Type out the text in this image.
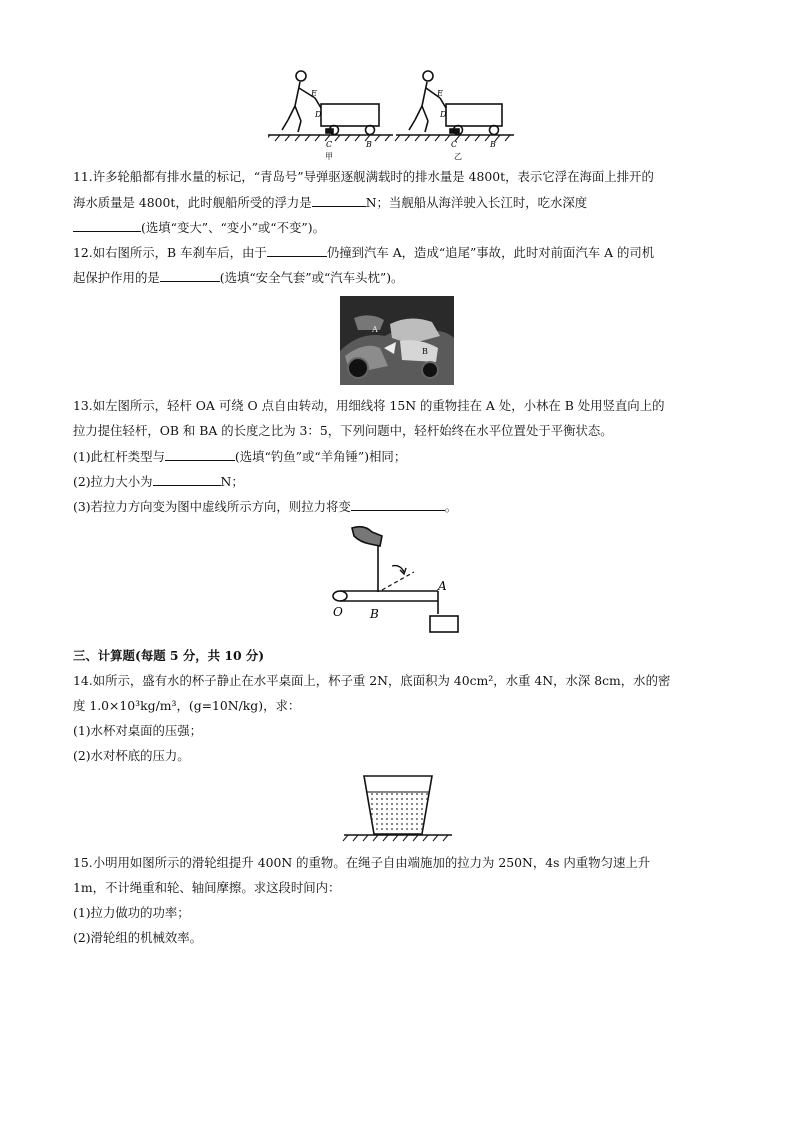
E
D
C	B
甲
E
D
C	B
乙
11.许多轮船都有排水量的标记，“青岛号”导弹驱逐舰满载时的排水量是 4800t，表示它浮在海面上排开的
海水质量是 4800t，此时舰船所受的浮力是	N；当舰船从海洋驶入长江时，吃水深度
(选填“变大”、“变小”或“不变”)。
12.如右图所示，B 车刹车后，由于	仍撞到汽车 A，造成“追尾”事故，此时对前面汽车 A 的司机
起保护作用的是	(选填“安全气套”或“汽车头枕”)。
A
B
13.如左图所示，轻杆 OA 可绕 O 点自由转动，用细线将 15N 的重物挂在 A 处，小林在 B 处用竖直向上的
拉力提住轻杆，OB 和 BA 的长度之比为 3：5，下列问题中，轻杆始终在水平位置处于平衡状态。
(1)此杠杆类型与	(选填“钓鱼”或“羊角锤”)相同；
(2)拉力大小为	N；
(3)若拉力方向变为图中虚线所示方向，则拉力将变	。
O B
A
三、计算题(每题 5 分，共 10 分)
14.如所示，盛有水的杯子静止在水平桌面上，杯子重 2N，底面积为 40cm²，水重 4N，水深 8cm，水的密
度 1.0×10³kg/m³，(g=10N/kg)，求：
(1)水杯对桌面的压强；
(2)水对杯底的压力。
15.小明用如图所示的滑轮组提升 400N 的重物。在绳子自由端施加的拉力为 250N，4s 内重物匀速上升
1m，不计绳重和轮、轴间摩擦。求这段时间内：
(1)拉力做功的功率；
(2)滑轮组的机械效率。
